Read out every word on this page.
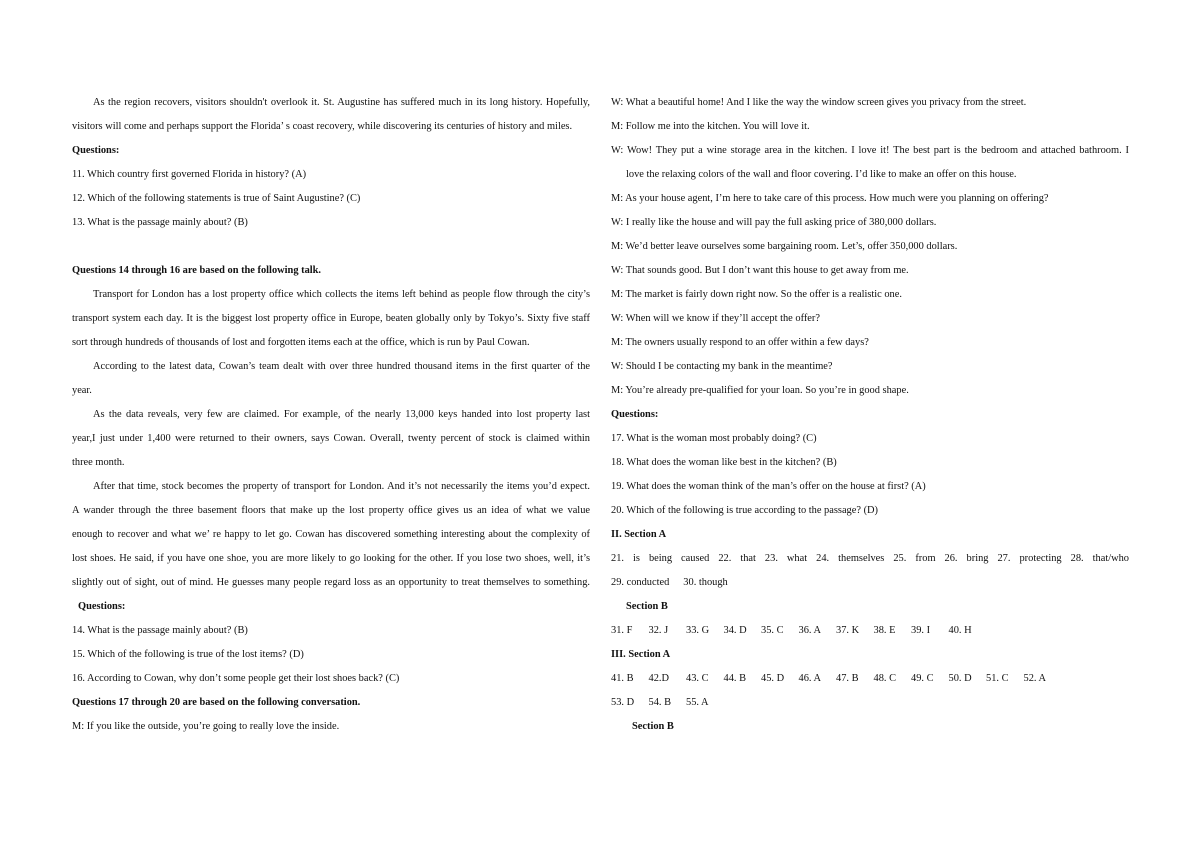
As the region recovers, visitors shouldn't overlook it. St. Augustine has suffered much in its long history. Hopefully,
visitors will come and perhaps support the Florida’ s coast recovery, while discovering its centuries of history and miles.
Questions:
11. Which country first governed Florida in history? (A)
12. Which of the following statements is true of Saint Augustine? (C)
13. What is the passage mainly about? (B)
Questions 14 through 16 are based on the following talk.
Transport for London has a lost property office which collects the items left behind as people flow through the city’s
transport system each day. It is the biggest lost property office in Europe, beaten globally only by Tokyo’s. Sixty five staff
sort through hundreds of thousands of lost and forgotten items each at the office, which is run by Paul Cowan.
According to the latest data, Cowan’s team dealt with over three hundred thousand items in the first quarter of the
year.
As the data reveals, very few are claimed. For example, of the nearly 13,000 keys handed into lost property last
year,I just under 1,400 were returned to their owners, says Cowan. Overall, twenty percent of stock is claimed within
three month.
After that time, stock becomes the property of transport for London. And it’s not necessarily the items you’d expect.
A wander through the three basement floors that make up the lost property office gives us an idea of what we value
enough to recover and what we’ re happy to let go. Cowan has discovered something interesting about the complexity of
lost shoes. He said, if you have one shoe, you are more likely to go looking for the other. If you lose two shoes, well, it’s
slightly out of sight, out of mind. He guesses many people regard loss as an opportunity to treat themselves to something.
Questions:
14. What is the passage mainly about? (B)
15. Which of the following is true of the lost items? (D)
16. According to Cowan, why don’t some people get their lost shoes back? (C)
Questions 17 through 20 are based on the following conversation.
M: If you like the outside, you’re going to really love the inside.
W: What a beautiful home! And I like the way the window screen gives you privacy from the street.
M: Follow me into the kitchen. You will love it.
W: Wow! They put a wine storage area in the kitchen. I love it! The best part is the bedroom and attached bathroom. I
love the relaxing colors of the wall and floor covering. I’d like to make an offer on this house.
M: As your house agent, I’m here to take care of this process. How much were you planning on offering?
W: I really like the house and will pay the full asking price of 380,000 dollars.
M: We’d better leave ourselves some bargaining room. Let’s, offer 350,000 dollars.
W: That sounds good. But I don’t want this house to get away from me.
M: The market is fairly down right now. So the offer is a realistic one.
W: When will we know if they’ll accept the offer?
M: The owners usually respond to an offer within a few days?
W: Should I be contacting my bank in the meantime?
M: You’re already pre-qualified for your loan. So you’re in good shape.
Questions:
17. What is the woman most probably doing? (C)
18. What does the woman like best in the kitchen? (B)
19. What does the woman think of the man’s offer on the house at first? (A)
20. Which of the following is true according to the passage? (D)
II. Section A
21. is being caused 22. that 23. what 24. themselves 25. from 26. bring 27. protecting 28. that/who
29. conducted 30. though
Section B
31. F 32. J 33. G 34. D 35. C 36. A 37. K 38. E 39. I 40. H
III. Section A
41. B 42.D 43. C 44. B 45. D 46. A 47. B 48. C 49. C 50. D 51. C 52. A
53. D 54. B 55. A
Section B
